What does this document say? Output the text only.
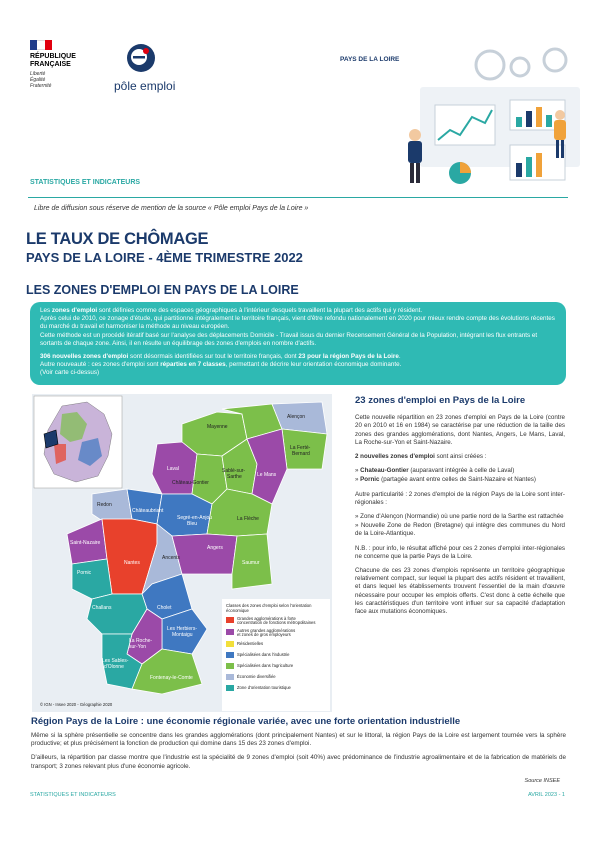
RÉPUBLIQUE
FRANÇAISE
Liberté
Égalité
Fraternité	pôle emploi
PAYS DE LA LOIRE
STATISTIQUES ET INDICATEURS
Libre de diffusion sous réserve de mention de la source « Pôle emploi Pays de la Loire »
LE TAUX DE CHÔMAGE
PAYS DE LA LOIRE - 4ÈME TRIMESTRE 2022
LES ZONES D'EMPLOI EN PAYS DE LA LOIRE

Les zones d'emploi sont définies comme des espaces géographiques à l'intérieur desquels travaillent la plupart des actifs qui y résident.

Après celui de 2010, ce zonage d'étude, qui partitionne intégralement le territoire français, vient d'être refondu nationalement en 2020 pour mieux rendre compte des évolutions récentes du marché du travail et harmoniser la méthode au niveau européen.

Cette méthode est un procédé itératif basé sur l'analyse des déplacements Domicile - Travail issus du dernier Recensement Général de la Population, intégrant les flux entrants et sortants de chaque zone. Ainsi, il en résulte un équilibrage des zones d'emplois en nombre d'actifs.

306 nouvelles zones d'emploi sont désormais identifiées sur tout le territoire français, dont 23 pour la région Pays de la Loire.

Autre nouveauté : ces zones d'emploi sont réparties en 7 classes, permettant de décrire leur orientation économique dominante.

(Voir carte ci-dessus)

Mayenne
Alençon
Laval
La Ferté-
Bernard
Le Mans
Château-Gontier
Sablé-sur-
Sarthe
Redon
Châteaubriant
Segré-en-Anjou
Bleu
La Flèche
Saint-Nazaire
Nantes
Ancenis
Angers
Saumur
Pornic
Cholet
Challans
Les Herbiers-
Montaigu
La Roche-
sur-Yon
Les Sables-
d'Olonne
Fontenay-le-Comte
Classes des zones d'emploi selon l'orientation
économique
Grandes agglomérations à forte
concentration de fonctions métropolitaines
Autres grandes agglomérations
et zones de gros employeurs
Résidentielles
Spécialisées dans l'industrie
Spécialisées dans l'agriculture
Économie diversifiée
Zone d'orientation touristique
© IGN - Insee 2020 - Géographie 2020
23 zones d'emploi en Pays de la Loire

Cette nouvelle répartition en 23 zones d'emploi en Pays de la Loire (contre 20 en 2010 et 16 en 1984) se caractérise par une réduction de la taille des zones des grandes agglomérations, dont Nantes, Angers, Le Mans, Laval, La Roche-sur-Yon et Saint-Nazaire.

2 nouvelles zones d'emploi sont ainsi créées :

» Chateau-Gontier (auparavant intégrée à celle de Laval)

» Pornic (partagée avant entre celles de Saint-Nazaire et Nantes)

Autre particularité : 2 zones d'emploi de la région Pays de la Loire sont inter-régionales :

» Zone d'Alençon (Normandie) où une partie nord de la Sarthe est rattachée

» Nouvelle Zone de Redon (Bretagne) qui intègre des communes du Nord de la Loire-Atlantique.

N.B. : pour info, le résultat affiché pour ces 2 zones d'emploi inter-régionales ne concerne que la partie Pays de la Loire.

Chacune de ces 23 zones d'emplois représente un territoire géographique relativement compact, sur lequel la plupart des actifs résident et travaillent, et dans lequel les établissements trouvent l'essentiel de la main d'œuvre nécessaire pour occuper les emplois offerts. C'est donc à cette échelle que les caractéristiques d'un territoire vont influer sur sa capacité d'adaptation face aux mutations économiques.

Région Pays de la Loire : une économie régionale variée, avec une forte orientation industrielle

Même si la sphère présentielle se concentre dans les grandes agglomérations (dont principalement Nantes) et sur le littoral, la région Pays de la Loire est largement tournée vers la sphère productive; et plus précisément la fonction de production qui domine dans 15 des 23 zones d'emploi.

D'ailleurs, la répartition par classe montre que l'industrie est la spécialité de 9 zones d'emploi (soit 40%) avec prédominance de l'industrie agroalimentaire et de la fabrication de matériels de transport; 3 zones relevant plus d'une économie agricole.

Source INSEE
STATISTIQUES ET INDICATEURS	AVRIL 2023 - 1
